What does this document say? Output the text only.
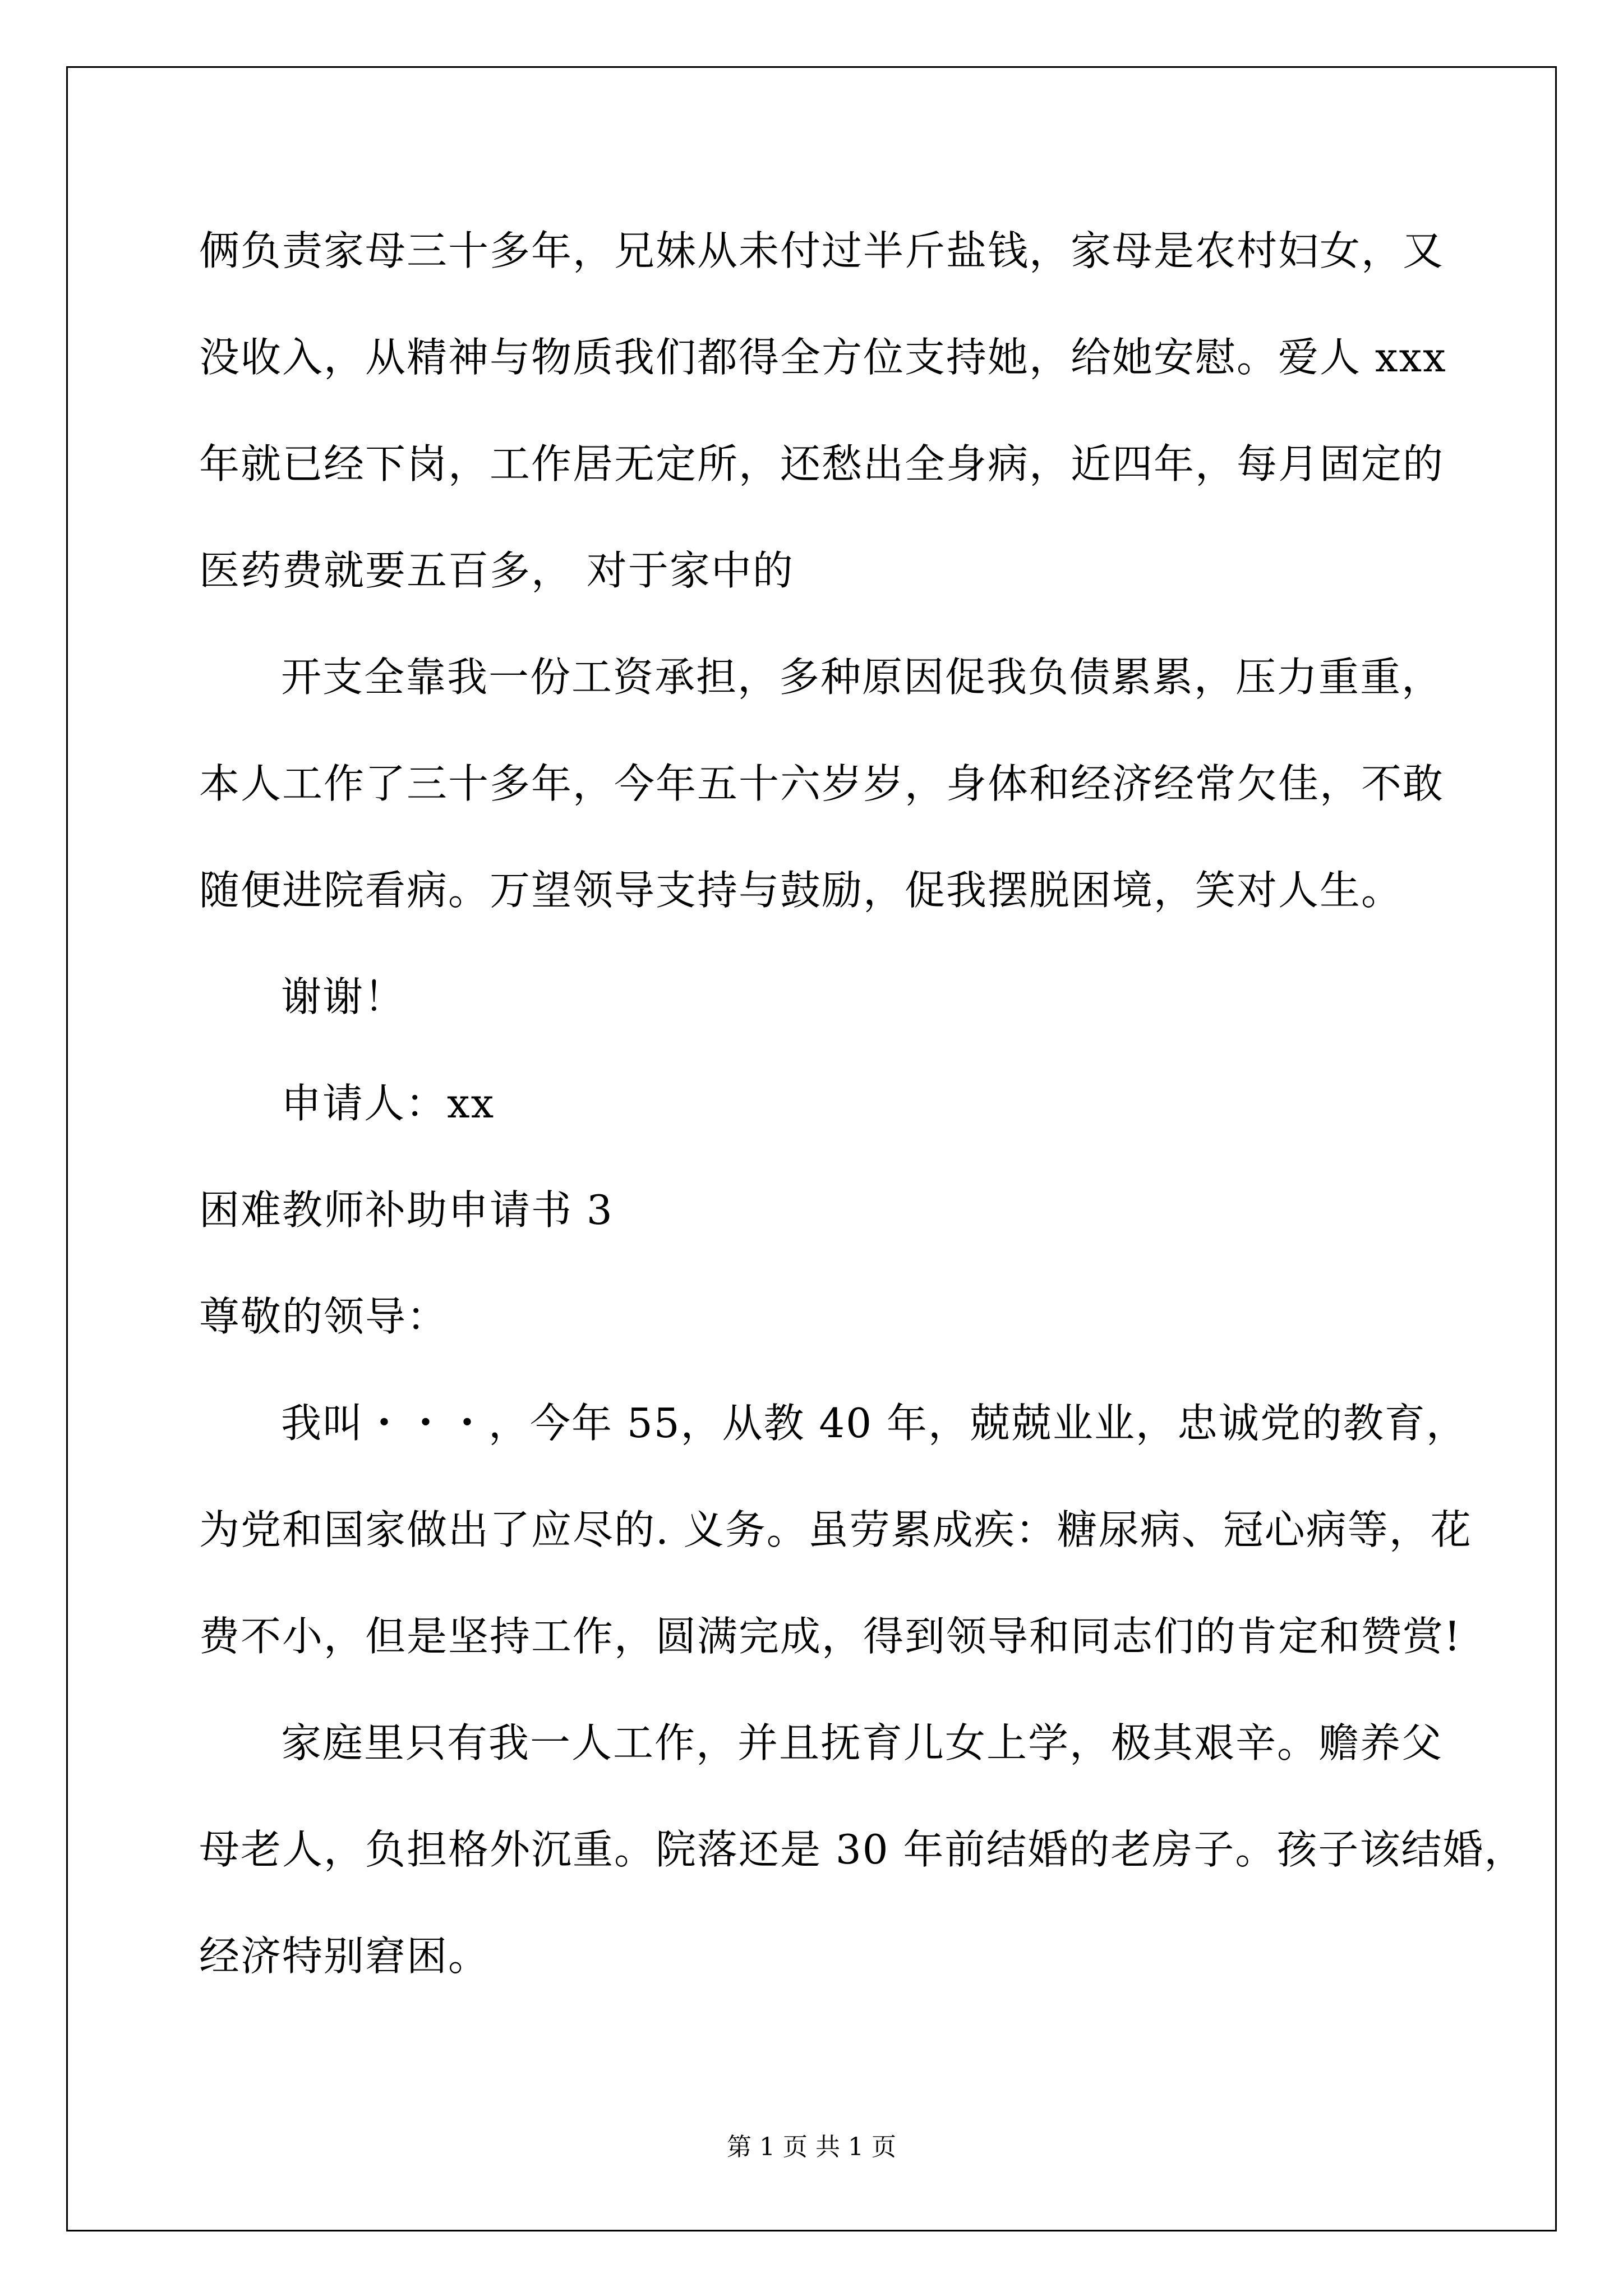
俩负责家母三十多年，兄妹从未付过半斤盐钱，家母是农村妇女，又
没收入，从精神与物质我们都得全方位支持她，给她安慰。爱人 xxx
年就已经下岗，工作居无定所，还愁出全身病，近四年，每月固定的
医药费就要五百多， 对于家中的
开支全靠我一份工资承担，多种原因促我负债累累，压力重重，
本人工作了三十多年，今年五十六岁岁，身体和经济经常欠佳，不敢
随便进院看病。万望领导支持与鼓励，促我摆脱困境，笑对人生。
谢谢！
申请人：xx
困难教师补助申请书 3
尊敬的领导：
我叫・・・，今年 55，从教 40 年，兢兢业业，忠诚党的教育，
为党和国家做出了应尽的. 义务。虽劳累成疾：糖尿病、冠心病等，花
费不小，但是坚持工作，圆满完成，得到领导和同志们的肯定和赞赏!
家庭里只有我一人工作，并且抚育儿女上学，极其艰辛。赡养父
母老人，负担格外沉重。院落还是 30 年前结婚的老房子。孩子该结婚，
经济特别窘困。
第 1 页 共 1 页
